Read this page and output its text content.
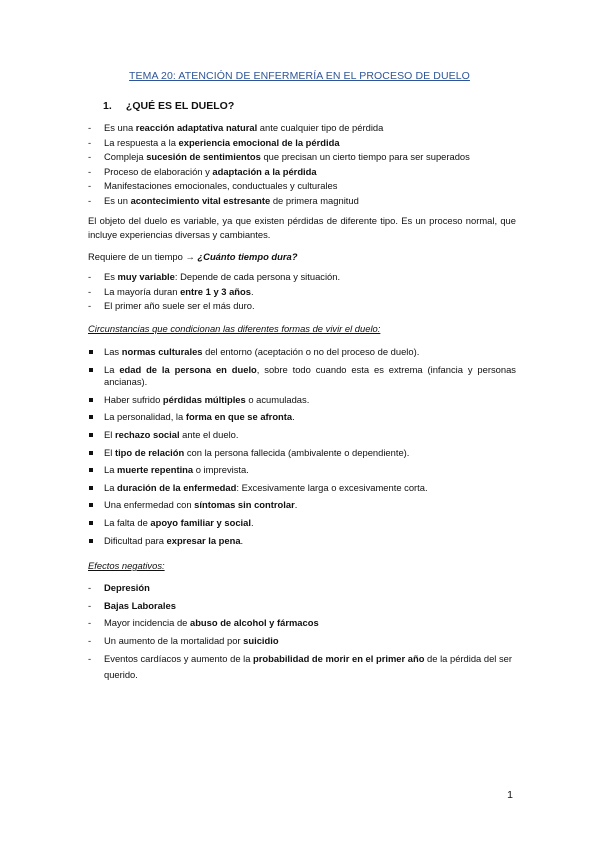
TEMA 20: ATENCIÓN DE ENFERMERÍA EN EL PROCESO DE DUELO
1. ¿QUÉ ES EL DUELO?
- Es una reacción adaptativa natural ante cualquier tipo de pérdida
- La respuesta a la experiencia emocional de la pérdida
- Compleja sucesión de sentimientos que precisan un cierto tiempo para ser superados
- Proceso de elaboración y adaptación a la pérdida
- Manifestaciones emocionales, conductuales y culturales
- Es un acontecimiento vital estresante de primera magnitud
El objeto del duelo es variable, ya que existen pérdidas de diferente tipo. Es un proceso normal, que incluye experiencias diversas y cambiantes.
Requiere de un tiempo → ¿Cuánto tiempo dura?
- Es muy variable: Depende de cada persona y situación.
- La mayoría duran entre 1 y 3 años.
- El primer año suele ser el más duro.
Circunstancias que condicionan las diferentes formas de vivir el duelo:
Las normas culturales del entorno (aceptación o no del proceso de duelo).
La edad de la persona en duelo, sobre todo cuando esta es extrema (infancia y personas ancianas).
Haber sufrido pérdidas múltiples o acumuladas.
La personalidad, la forma en que se afronta.
El rechazo social ante el duelo.
El tipo de relación con la persona fallecida (ambivalente o dependiente).
La muerte repentina o imprevista.
La duración de la enfermedad: Excesivamente larga o excesivamente corta.
Una enfermedad con síntomas sin controlar.
La falta de apoyo familiar y social.
Dificultad para expresar la pena.
Efectos negativos:
- Depresión
- Bajas Laborales
- Mayor incidencia de abuso de alcohol y fármacos
- Un aumento de la mortalidad por suicidio
- Eventos cardíacos y aumento de la probabilidad de morir en el primer año de la pérdida del ser querido.
1
